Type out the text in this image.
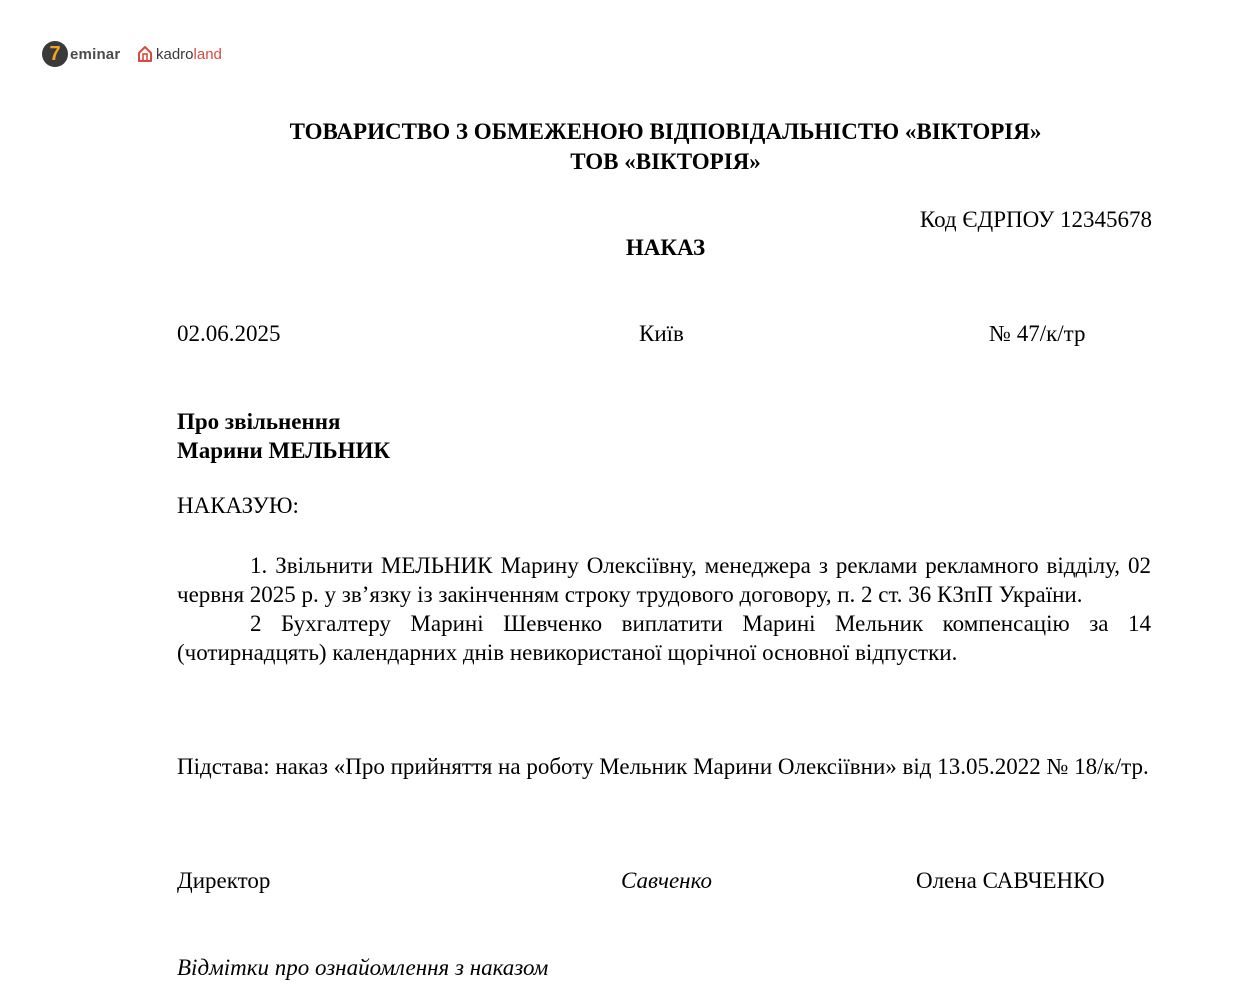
7 eminar kadroland
ТОВАРИСТВО З ОБМЕЖЕНОЮ ВІДПОВІДАЛЬНІСТЮ «ВІКТОРІЯ»
ТОВ «ВІКТОРІЯ»
Код ЄДРПОУ 12345678
НАКАЗ
02.06.2025	Київ	№ 47/к/тр
Про звільнення
Марини МЕЛЬНИК
НАКАЗУЮ:
1. Звільнити МЕЛЬНИК Марину Олексіївну, менеджера з реклами рекламного відділу, 02 червня 2025 р. у зв’язку із закінченням строку трудового договору, п. 2 ст. 36 КЗпП України.
2 Бухгалтеру Марині Шевченко виплатити Марині Мельник компенсацію за 14 (чотирнадцять) календарних днів невикористаної щорічної основної відпустки.
Підстава: наказ «Про прийняття на роботу Мельник Марини Олексіївни» від 13.05.2022 № 18/к/тр.
Директор	Савченко	Олена САВЧЕНКО
Відмітки про ознайомлення з наказом
